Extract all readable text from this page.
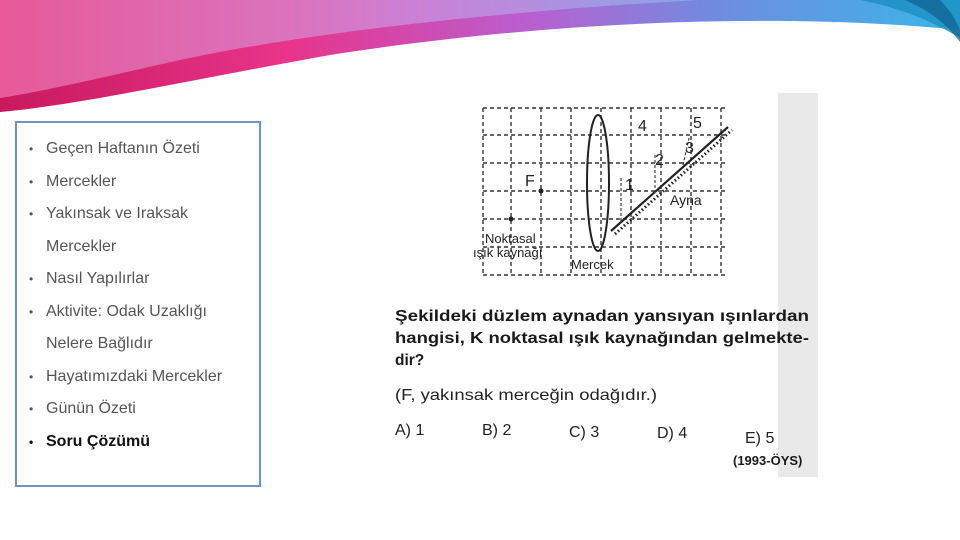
• Geçen Haftanın Özeti
• Mercekler
• Yakınsak ve Iraksak
Mercekler
• Nasıl Yapılırlar
• Aktivite: Odak Uzaklığı
Nelere Bağlıdır
• Hayatımızdaki Mercekler
• Günün Özeti
• Soru Çözümü
4	5
2
3
1
F
Ayna
Noktasal
ışık kaynağı
Mercek
Şekildeki düzlem aynadan yansıyan ışınlardan
hangisi, K noktasal ışık kaynağından gelmekte-
dir?
(F, yakınsak merceğin odağıdır.)
A) 1	B) 2	C) 3	D) 4	E) 5
(1993-ÖYS)
